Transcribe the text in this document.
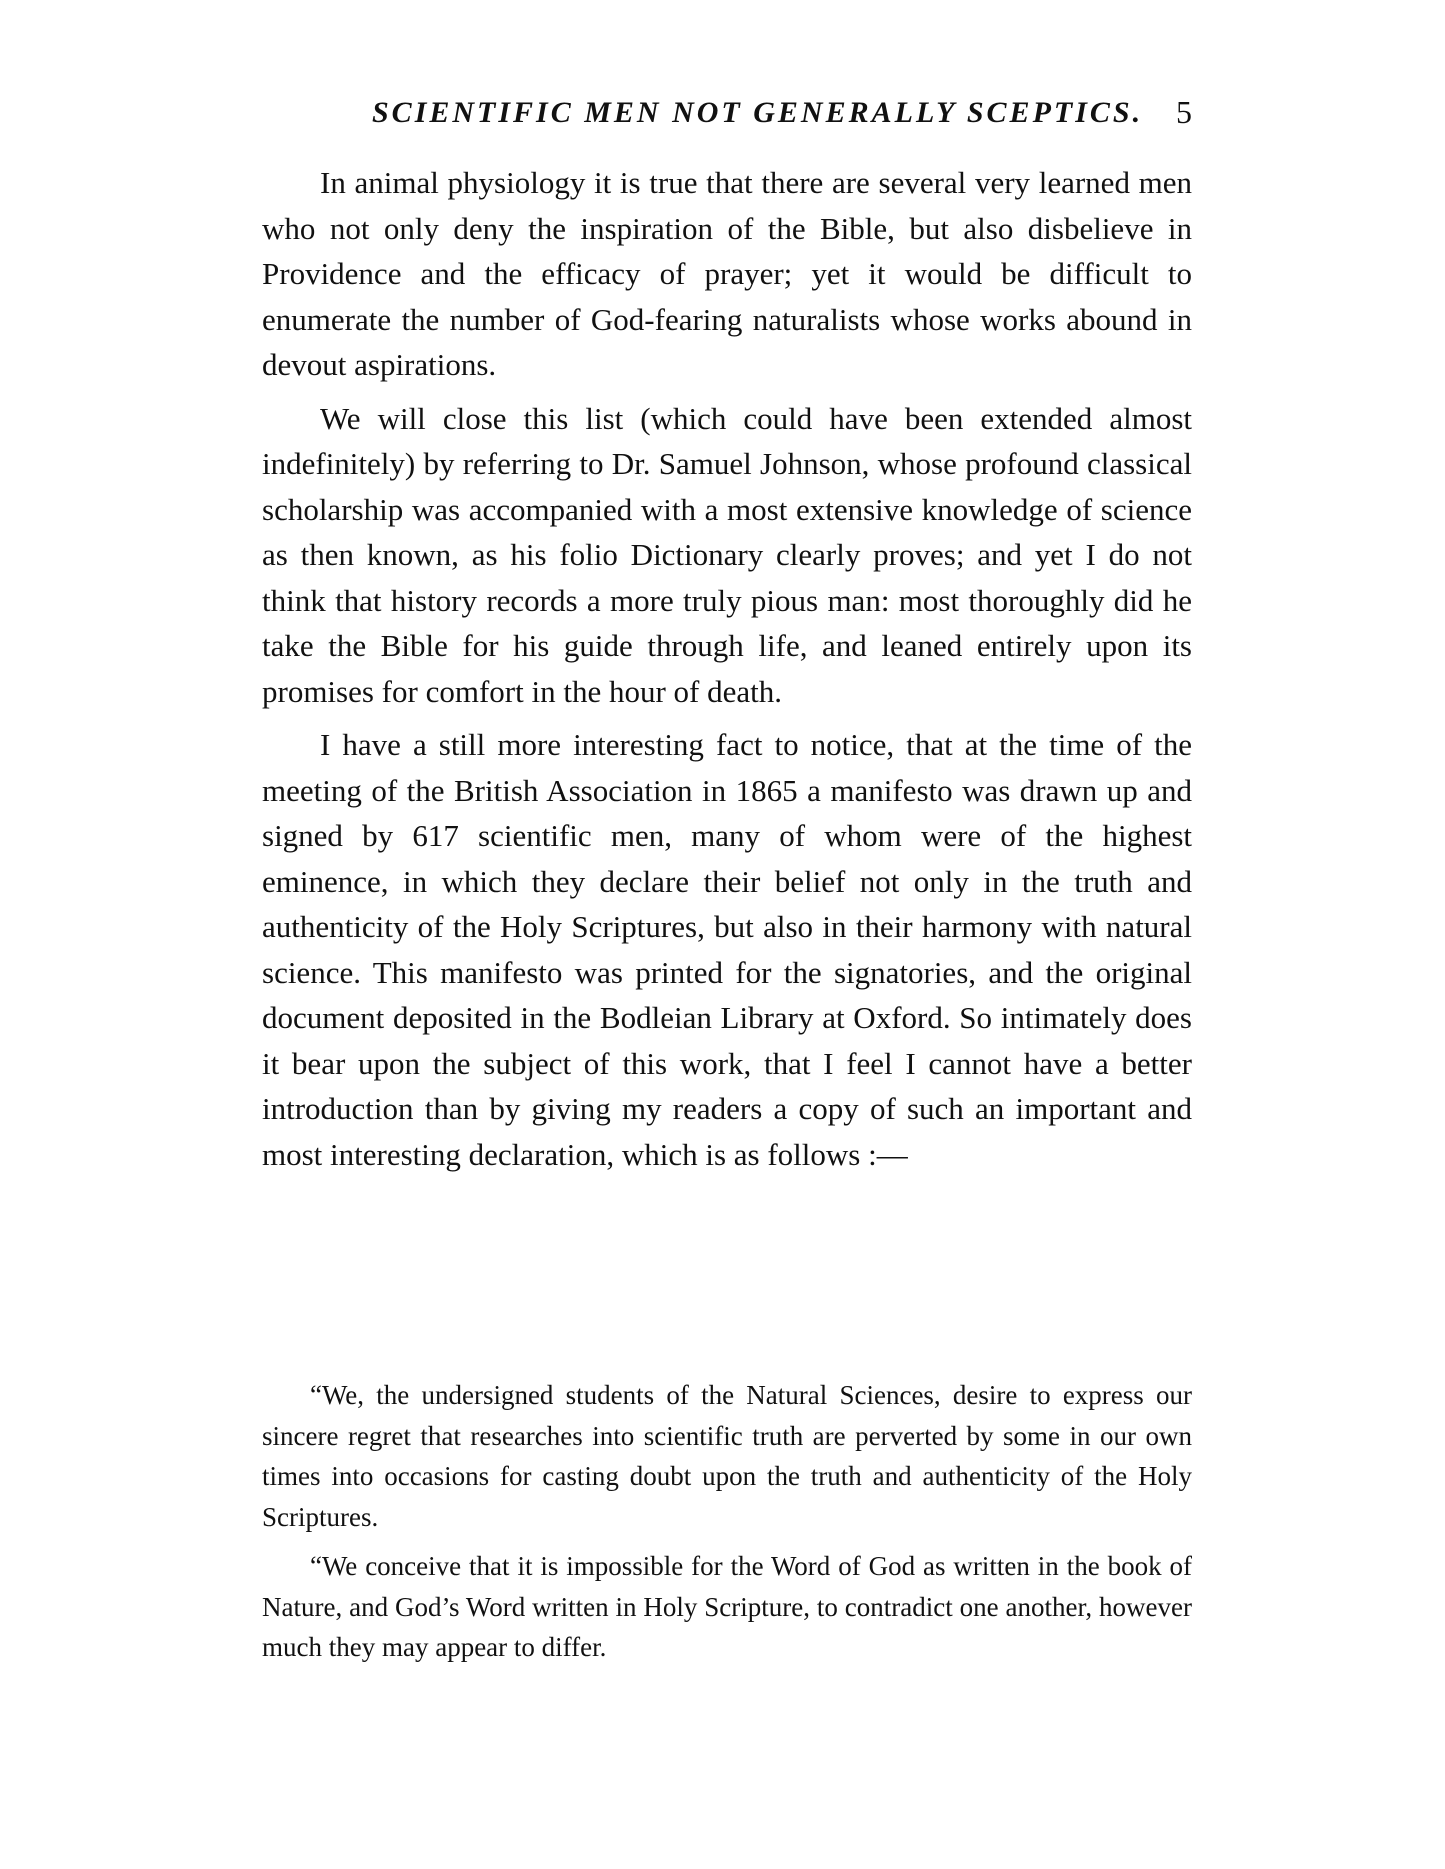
SCIENTIFIC MEN NOT GENERALLY SCEPTICS. 5

In animal physiology it is true that there are several very learned men who not only deny the inspiration of the Bible, but also disbelieve in Providence and the efficacy of prayer; yet it would be difficult to enumerate the number of God-fearing naturalists whose works abound in devout aspirations.

We will close this list (which could have been extended almost indefinitely) by referring to Dr. Samuel Johnson, whose profound classical scholarship was accompanied with a most extensive knowledge of science as then known, as his folio Dictionary clearly proves; and yet I do not think that history records a more truly pious man: most thoroughly did he take the Bible for his guide through life, and leaned entirely upon its promises for comfort in the hour of death.

I have a still more interesting fact to notice, that at the time of the meeting of the British Association in 1865 a manifesto was drawn up and signed by 617 scientific men, many of whom were of the highest eminence, in which they declare their belief not only in the truth and authenticity of the Holy Scriptures, but also in their harmony with natural science. This manifesto was printed for the signatories, and the original document deposited in the Bodleian Library at Oxford. So intimately does it bear upon the subject of this work, that I feel I cannot have a better introduction than by giving my readers a copy of such an important and most interesting declaration, which is as follows :—

“We, the undersigned students of the Natural Sciences, desire to express our sincere regret that researches into scientific truth are perverted by some in our own times into occasions for casting doubt upon the truth and authenticity of the Holy Scriptures.

“We conceive that it is impossible for the Word of God as written in the book of Nature, and God’s Word written in Holy Scripture, to contradict one another, however much they may appear to differ.
